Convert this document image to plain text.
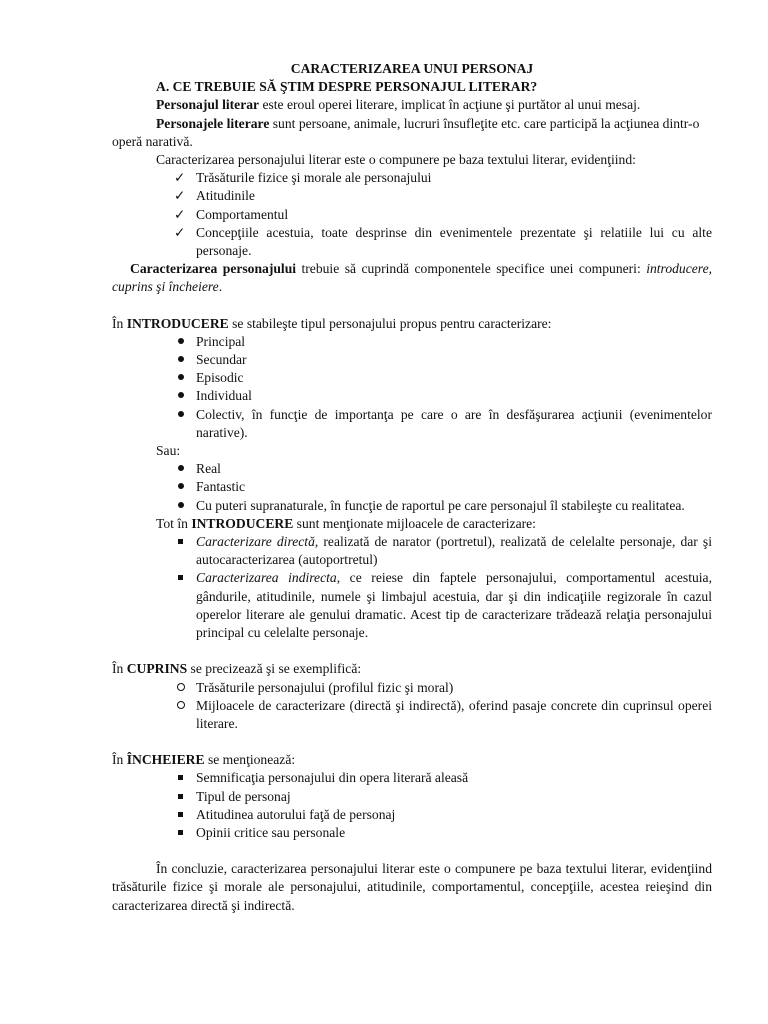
CARACTERIZAREA UNUI PERSONAJ

A. CE TREBUIE SĂ ŞTIM DESPRE PERSONAJUL LITERAR?

Personajul literar este eroul operei literare, implicat în acţiune şi purtător al unui mesaj.

Personajele literare sunt persoane, animale, lucruri însufleţite etc. care participă la acţiunea dintr-o operă narativă.

Caracterizarea personajului literar este o compunere pe baza textului literar, evidenţiind:

✓ Trăsăturile fizice şi morale ale personajului
✓ Atitudinile
✓ Comportamentul
✓ Concepţiile acestuia, toate desprinse din evenimentele prezentate şi relatiile lui cu alte personaje.

Caracterizarea personajului trebuie să cuprindă componentele specifice unei compuneri: introducere, cuprins şi încheiere.

În INTRODUCERE se stabileşte tipul personajului propus pentru caracterizare:

Principal
Secundar
Episodic
Individual
Colectiv, în funcţie de importanţa pe care o are în desfăşurarea acţiunii (evenimentelor narative).

Sau:

Real
Fantastic
Cu puteri supranaturale, în funcţie de raportul pe care personajul îl stabileşte cu realitatea.

Tot în INTRODUCERE sunt menţionate mijloacele de caracterizare:

Caracterizare directă, realizată de narator (portretul), realizată de celelalte personaje, dar şi autocaracterizarea (autoportretul)
Caracterizarea indirecta, ce reiese din faptele personajului, comportamentul acestuia, gândurile, atitudinile, numele şi limbajul acestuia, dar şi din indicaţiile regizorale în cazul operelor literare ale genului dramatic. Acest tip de caracterizare trădează relaţia personajului principal cu celelalte personaje.

În CUPRINS se precizează şi se exemplifică:

Trăsăturile personajului (profilul fizic şi moral)
Mijloacele de caracterizare (directă şi indirectă), oferind pasaje concrete din cuprinsul operei literare.

În ÎNCHEIERE se menţionează:

Semnificaţia personajului din opera literară aleasă
Tipul de personaj
Atitudinea autorului faţă de personaj
Opinii critice sau personale

În concluzie, caracterizarea personajului literar este o compunere pe baza textului literar, evidenţiind trăsăturile fizice şi morale ale personajului, atitudinile, comportamentul, concepţiile, acestea reieşind din caracterizarea directă şi indirectă.
